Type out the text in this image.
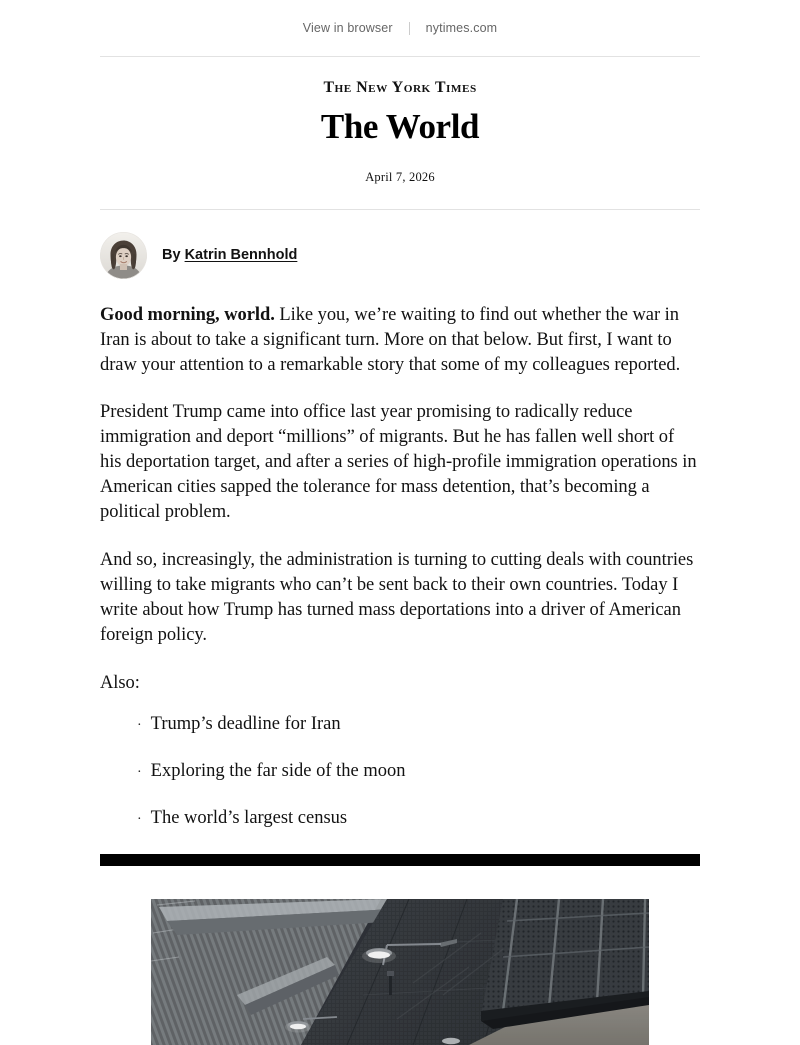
View in browser	nytimes.com
The New York Times
The World
April 7, 2026
By Katrin Bennhold

Good morning, world. Like you, we’re waiting to find out whether the war in Iran is about to take a significant turn. More on that below. But first, I want to draw your attention to a remarkable story that some of my colleagues reported.

President Trump came into office last year promising to radically reduce immigration and deport “millions” of migrants. But he has fallen well short of his deportation target, and after a series of high-profile immigration operations in American cities sapped the tolerance for mass detention, that’s becoming a political problem.

And so, increasingly, the administration is turning to cutting deals with countries willing to take migrants who can’t be sent back to their own countries. Today I write about how Trump has turned mass deportations into a driver of American foreign policy.

Also:

· Trump’s deadline for Iran
· Exploring the far side of the moon
· The world’s largest census
